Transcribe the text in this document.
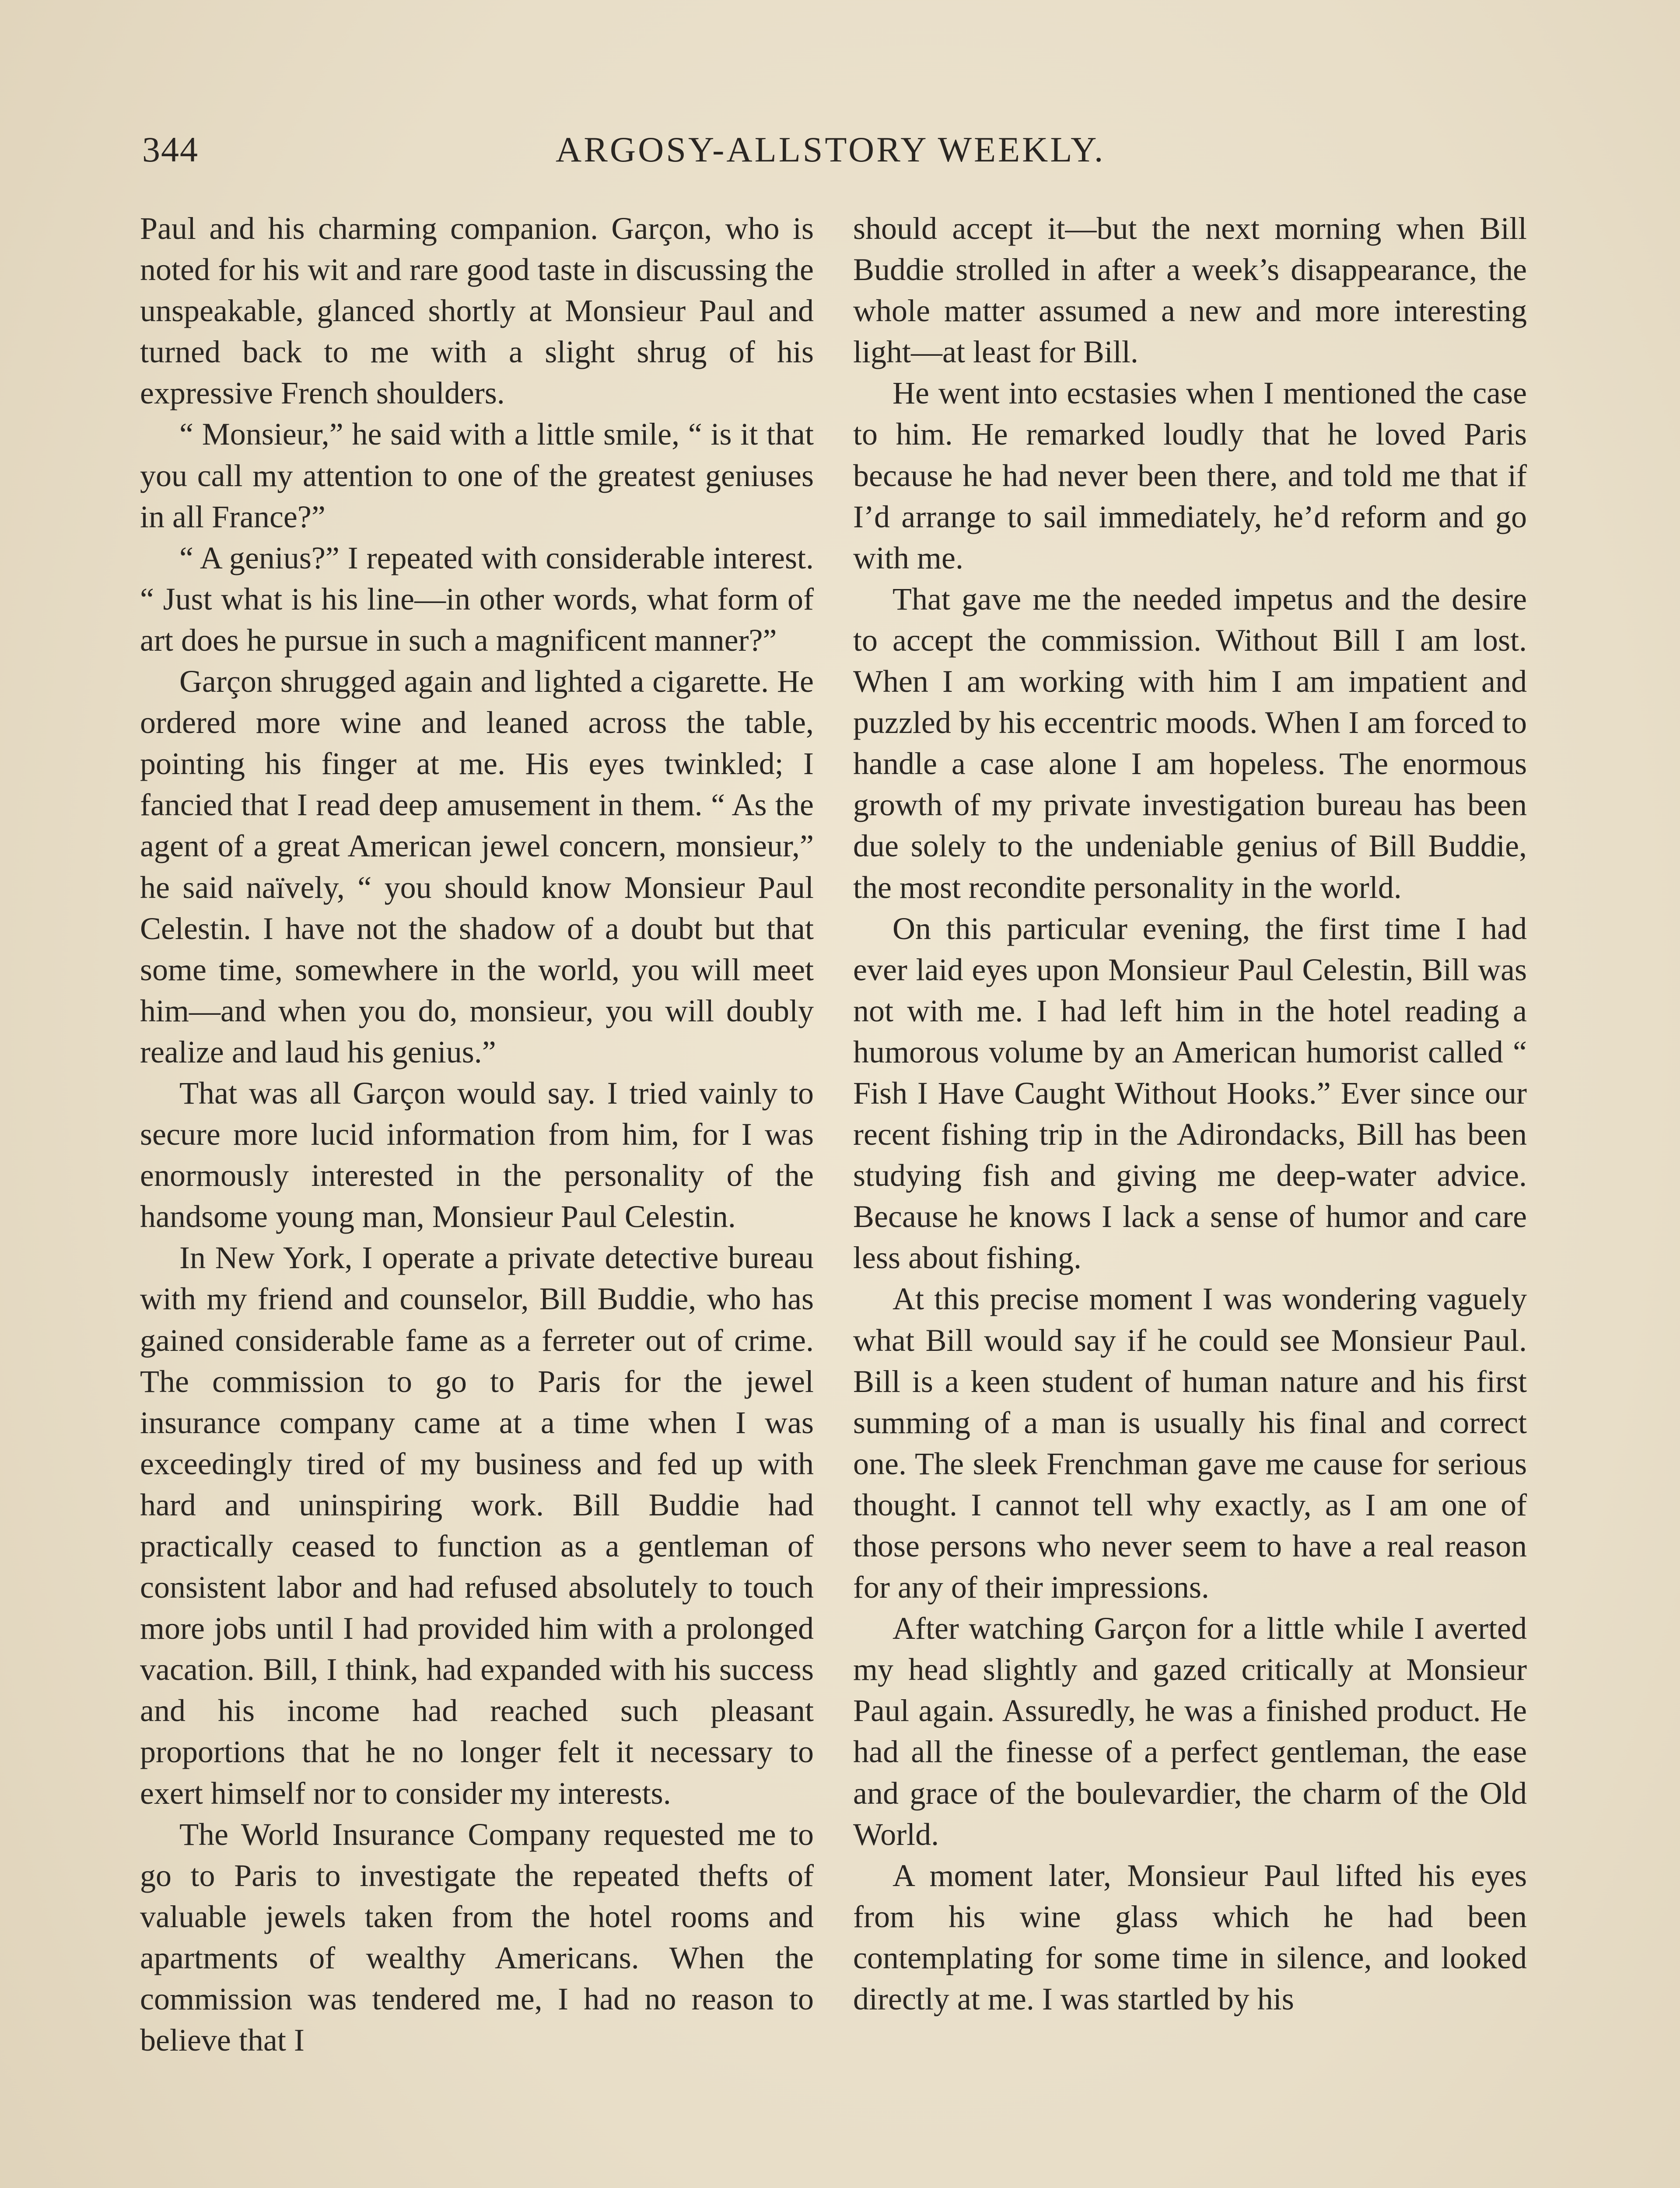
344	ARGOSY-ALLSTORY WEEKLY.

Paul and his charming companion. Garçon, who is noted for his wit and rare good taste in discussing the unspeakable, glanced shortly at Monsieur Paul and turned back to me with a slight shrug of his expressive French shoulders.

“ Monsieur,” he said with a little smile, “ is it that you call my attention to one of the greatest geniuses in all France?”

“ A genius?” I repeated with considerable interest. “ Just what is his line—in other words, what form of art does he pursue in such a magnificent manner?”

Garçon shrugged again and lighted a cigarette. He ordered more wine and leaned across the table, pointing his finger at me. His eyes twinkled; I fancied that I read deep amusement in them. “ As the agent of a great American jewel concern, monsieur,” he said naïvely, “ you should know Monsieur Paul Celestin. I have not the shadow of a doubt but that some time, somewhere in the world, you will meet him—and when you do, monsieur, you will doubly realize and laud his genius.”

That was all Garçon would say. I tried vainly to secure more lucid information from him, for I was enormously interested in the personality of the handsome young man, Monsieur Paul Celestin.

In New York, I operate a private detective bureau with my friend and counselor, Bill Buddie, who has gained considerable fame as a ferreter out of crime. The commission to go to Paris for the jewel insurance company came at a time when I was exceedingly tired of my business and fed up with hard and uninspiring work. Bill Buddie had practically ceased to function as a gentleman of consistent labor and had refused absolutely to touch more jobs until I had provided him with a prolonged vacation. Bill, I think, had expanded with his success and his income had reached such pleasant proportions that he no longer felt it necessary to exert himself nor to consider my interests.

The World Insurance Company requested me to go to Paris to investigate the repeated thefts of valuable jewels taken from the hotel rooms and apartments of wealthy Americans. When the commission was tendered me, I had no reason to believe that I

should accept it—but the next morning when Bill Buddie strolled in after a week’s disappearance, the whole matter assumed a new and more interesting light—at least for Bill.

He went into ecstasies when I mentioned the case to him. He remarked loudly that he loved Paris because he had never been there, and told me that if I’d arrange to sail immediately, he’d reform and go with me.

That gave me the needed impetus and the desire to accept the commission. Without Bill I am lost. When I am working with him I am impatient and puzzled by his eccentric moods. When I am forced to handle a case alone I am hopeless. The enormous growth of my private investigation bureau has been due solely to the undeniable genius of Bill Buddie, the most recondite personality in the world.

On this particular evening, the first time I had ever laid eyes upon Monsieur Paul Celestin, Bill was not with me. I had left him in the hotel reading a humorous volume by an American humorist called “ Fish I Have Caught Without Hooks.” Ever since our recent fishing trip in the Adirondacks, Bill has been studying fish and giving me deep-water advice. Because he knows I lack a sense of humor and care less about fishing.

At this precise moment I was wondering vaguely what Bill would say if he could see Monsieur Paul. Bill is a keen student of human nature and his first summing of a man is usually his final and correct one. The sleek Frenchman gave me cause for serious thought. I cannot tell why exactly, as I am one of those persons who never seem to have a real reason for any of their impressions.

After watching Garçon for a little while I averted my head slightly and gazed critically at Monsieur Paul again. Assuredly, he was a finished product. He had all the finesse of a perfect gentleman, the ease and grace of the boulevardier, the charm of the Old World.

A moment later, Monsieur Paul lifted his eyes from his wine glass which he had been contemplating for some time in silence, and looked directly at me. I was startled by his
